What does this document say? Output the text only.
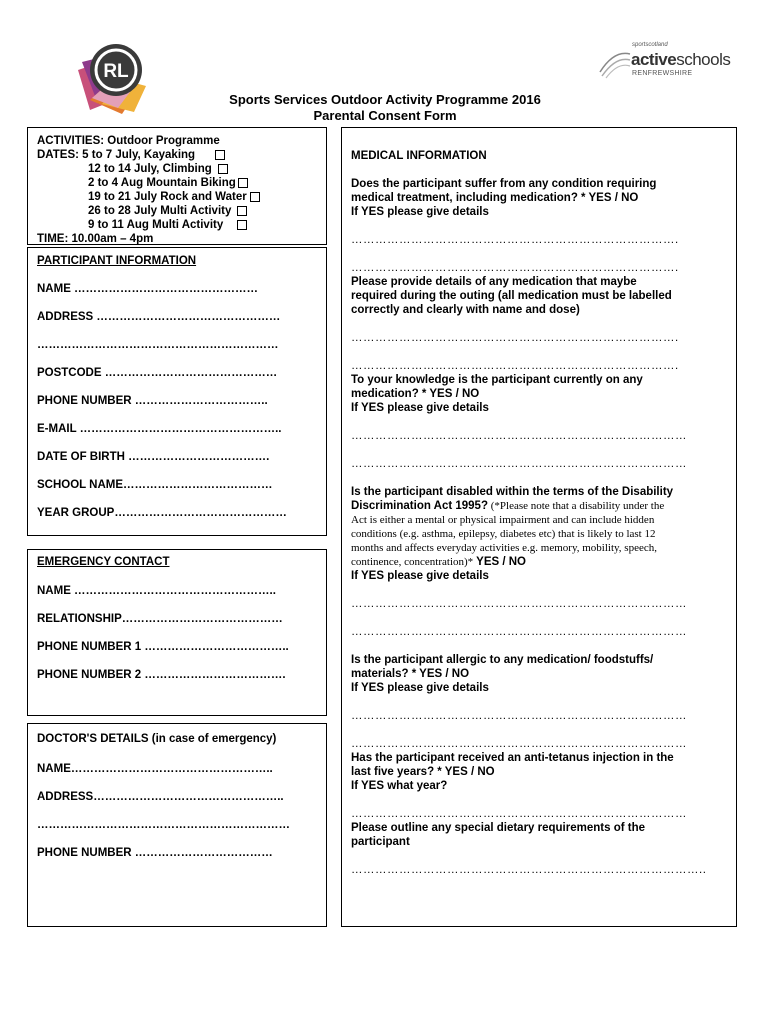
RL
sportscotland
activeschools
RENFREWSHIRE
Sports Services Outdoor Activity Programme 2016
Parental Consent Form
ACTIVITIES: Outdoor Programme
DATES: 5 to 7 July, Kayaking
12 to 14 July, Climbing
2 to 4 Aug Mountain Biking
19 to 21 July Rock and Water
26 to 28 July Multi Activity
9 to 11 Aug Multi Activity
TIME: 10.00am – 4pm
PARTICIPANT INFORMATION
NAME …………………………………………
ADDRESS …………………………………………
………………………………………………………
POSTCODE ………………………………………
PHONE NUMBER ……………………………..
E-MAIL ……………………………………………..
DATE OF BIRTH ……………………………….
SCHOOL NAME…………………………………
YEAR GROUP………………………………………
EMERGENCY CONTACT
NAME ……………………………………………..
RELATIONSHIP……………………………………
PHONE NUMBER 1 ………………………………..
PHONE NUMBER 2 ……………………………….
DOCTOR'S DETAILS (in case of emergency)
NAME……………………………………………..
ADDRESS…………………………………………..
…………………………………………………………
PHONE NUMBER ………………………………
MEDICAL INFORMATION
Does the participant suffer from any condition requiring
medical treatment, including medication? * YES / NO
If YES please give details
……………………………………………………………………….
……………………………………………………………………….
Please provide details of any medication that maybe
required during the outing (all medication must be labelled
correctly and clearly with name and dose)
……………………………………………………………………….
……………………………………………………………………….
To your knowledge is the participant currently on any
medication? * YES / NO
If YES please give details
…………………………………………………………………………
…………………………………………………………………………
Is the participant disabled within the terms of the Disability
Discrimination Act 1995? (*Please note that a disability under the
Act is either a mental or physical impairment and can include hidden
conditions (e.g. asthma, epilepsy, diabetes etc) that is likely to last 12
months and affects everyday activities e.g. memory, mobility, speech,
continence, concentration)* YES / NO
If YES please give details
…………………………………………………………………………
…………………………………………………………………………
Is the participant allergic to any medication/ foodstuffs/
materials? * YES / NO
If YES please give details
…………………………………………………………………………
…………………………………………………………………………
Has the participant received an anti-tetanus injection in the
last five years? * YES / NO
If YES what year?
…………………………………………………………………………
Please outline any special dietary requirements of the
participant
……………………………………………………………………………..
